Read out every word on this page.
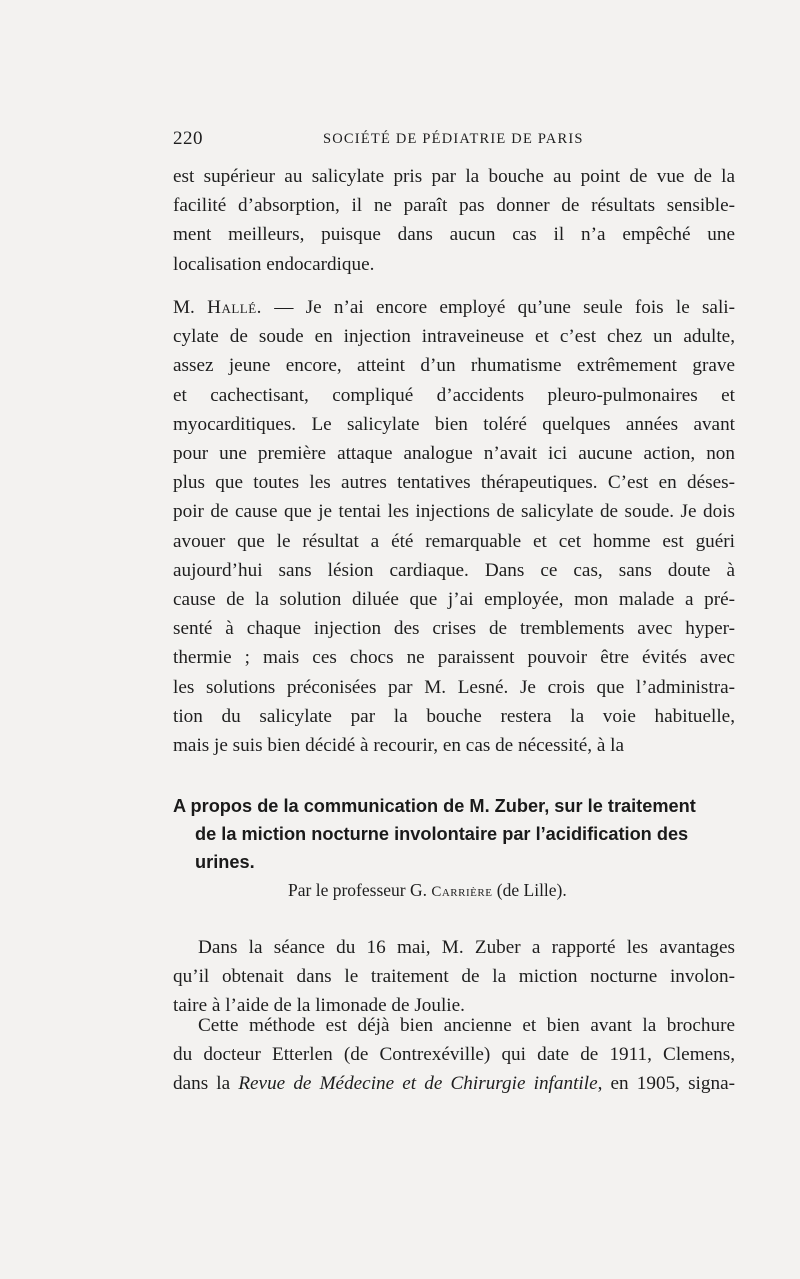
220	SOCIÉTÉ DE PÉDIATRIE DE PARIS

est supérieur au salicylate pris par la bouche au point de vue de la
facilité d’absorption, il ne paraît pas donner de résultats sensible-
ment meilleurs, puisque dans aucun cas il n’a empêché une

localisation endocardique.

M. Hallé. — Je n’ai encore employé qu’une seule fois le sali-
cylate de soude en injection intraveineuse et c’est chez un adulte,
assez jeune encore, atteint d’un rhumatisme extrêmement grave
et cachectisant, compliqué d’accidents pleuro-pulmonaires et
myocarditiques. Le salicylate bien toléré quelques années avant
pour une première attaque analogue n’avait ici aucune action, non
plus que toutes les autres tentatives thérapeutiques. C’est en déses-
poir de cause que je tentai les injections de salicylate de soude. Je dois
avouer que le résultat a été remarquable et cet homme est guéri
aujourd’hui sans lésion cardiaque. Dans ce cas, sans doute à
cause de la solution diluée que j’ai employée, mon malade a pré-
senté à chaque injection des crises de tremblements avec hyper-
thermie ; mais ces chocs ne paraissent pouvoir être évités avec
les solutions préconisées par M. Lesné. Je crois que l’administra-
tion du salicylate par la bouche restera la voie habituelle,

mais je suis bien décidé à recourir, en cas de nécessité, à la

A propos de la communication de M. Zuber, sur le traitement
de la miction nocturne involontaire par l’acidification des
urines.
Par le professeur G. Carrière (de Lille).

Dans la séance du 16 mai, M. Zuber a rapporté les avantages

qu’il obtenait dans le traitement de la miction nocturne involon-

taire à l’aide de la limonade de Joulie.

Cette méthode est déjà bien ancienne et bien avant la brochure

du docteur Etterlen (de Contrexéville) qui date de 1911, Clemens,
dans la Revue de Médecine et de Chirurgie infantile, en 1905, signa-
